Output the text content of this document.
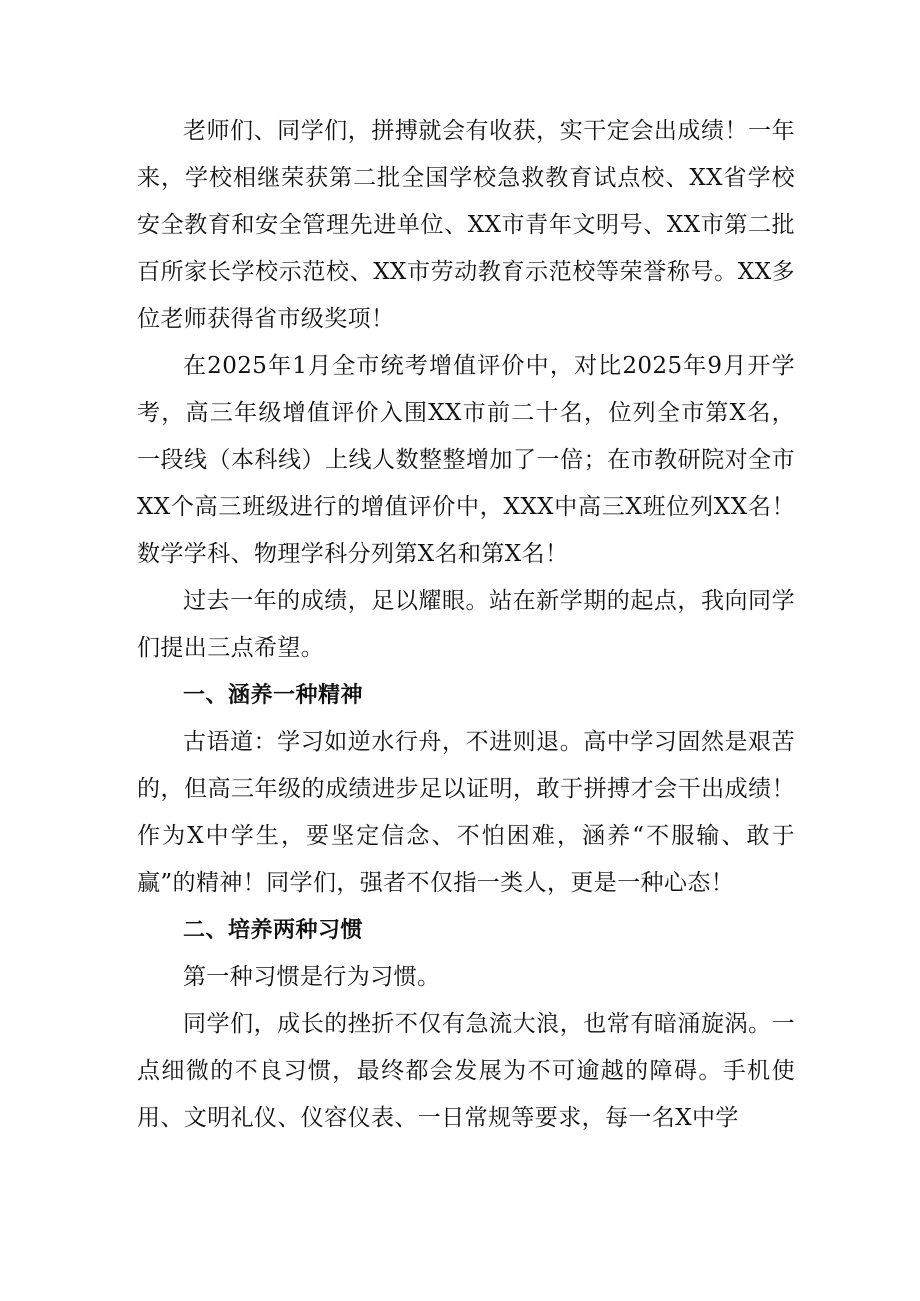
老师们、同学们，拼搏就会有收获，实干定会出成绩！一年来，学校相继荣获第二批全国学校急救教育试点校、XX省学校安全教育和安全管理先进单位、XX市青年文明号、XX市第二批百所家长学校示范校、XX市劳动教育示范校等荣誉称号。XX多位老师获得省市级奖项！

在2025年1月全市统考增值评价中，对比2025年9月开学考，高三年级增值评价入围XX市前二十名，位列全市第X名，一段线（本科线）上线人数整整增加了一倍；在市教研院对全市XX个高三班级进行的增值评价中，XXX中高三X班位列XX名！数学学科、物理学科分列第X名和第X名！

过去一年的成绩，足以耀眼。站在新学期的起点，我向同学们提出三点希望。

一、涵养一种精神

古语道：学习如逆水行舟，不进则退。高中学习固然是艰苦的，但高三年级的成绩进步足以证明，敢于拼搏才会干出成绩！作为X中学生，要坚定信念、不怕困难，涵养“不服输、敢于赢”的精神！同学们，强者不仅指一类人，更是一种心态！

二、培养两种习惯

第一种习惯是行为习惯。

同学们，成长的挫折不仅有急流大浪，也常有暗涌旋涡。一点细微的不良习惯，最终都会发展为不可逾越的障碍。手机使用、文明礼仪、仪容仪表、一日常规等要求，每一名X中学
